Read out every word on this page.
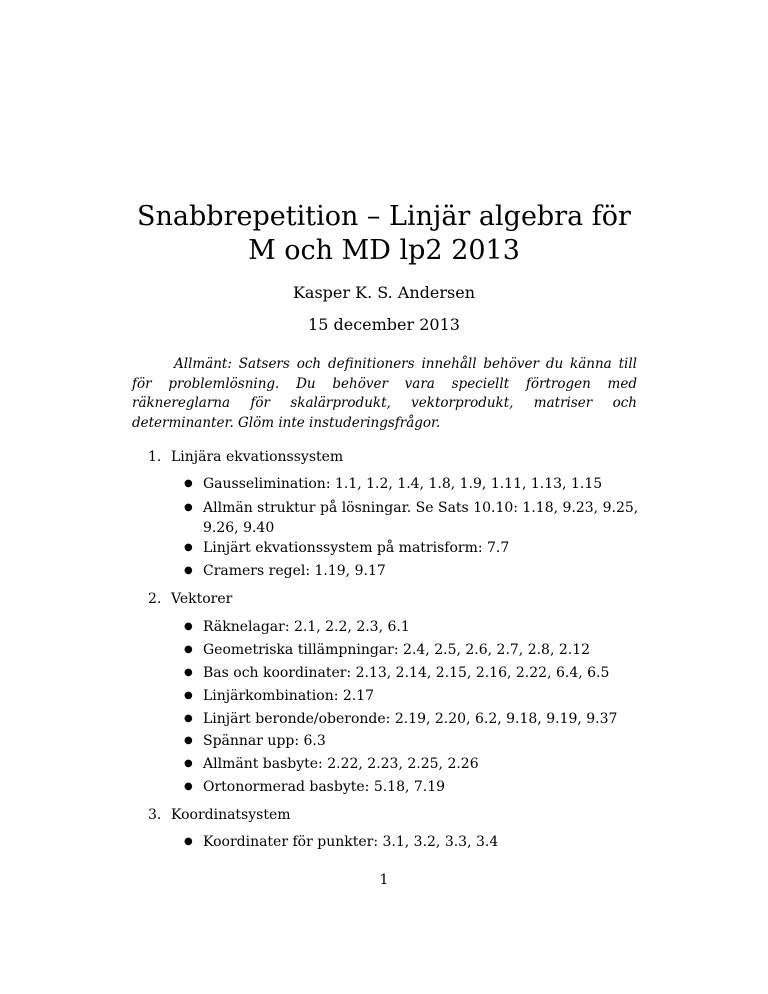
Snabbrepetition – Linjär algebra för M och MD lp2 2013
Kasper K. S. Andersen
15 december 2013
Allmänt: Satsers och definitioners innehåll behöver du känna till för problemlösning. Du behöver vara speciellt förtrogen med räknereglarna för skalärprodukt, vektorprodukt, matriser och determinanter. Glöm inte instuderingsfrågor.
1. Linjära ekvationssystem
● Gausselimination: 1.1, 1.2, 1.4, 1.8, 1.9, 1.11, 1.13, 1.15
● Allmän struktur på lösningar. Se Sats 10.10: 1.18, 9.23, 9.25, 9.26, 9.40
● Linjärt ekvationssystem på matrisform: 7.7
● Cramers regel: 1.19, 9.17
2. Vektorer
● Räknelagar: 2.1, 2.2, 2.3, 6.1
● Geometriska tillämpningar: 2.4, 2.5, 2.6, 2.7, 2.8, 2.12
● Bas och koordinater: 2.13, 2.14, 2.15, 2.16, 2.22, 6.4, 6.5
● Linjärkombination: 2.17
● Linjärt beronde/oberonde: 2.19, 2.20, 6.2, 9.18, 9.19, 9.37
● Spännar upp: 6.3
● Allmänt basbyte: 2.22, 2.23, 2.25, 2.26
● Ortonormerad basbyte: 5.18, 7.19
3. Koordinatsystem
● Koordinater för punkter: 3.1, 3.2, 3.3, 3.4
1
